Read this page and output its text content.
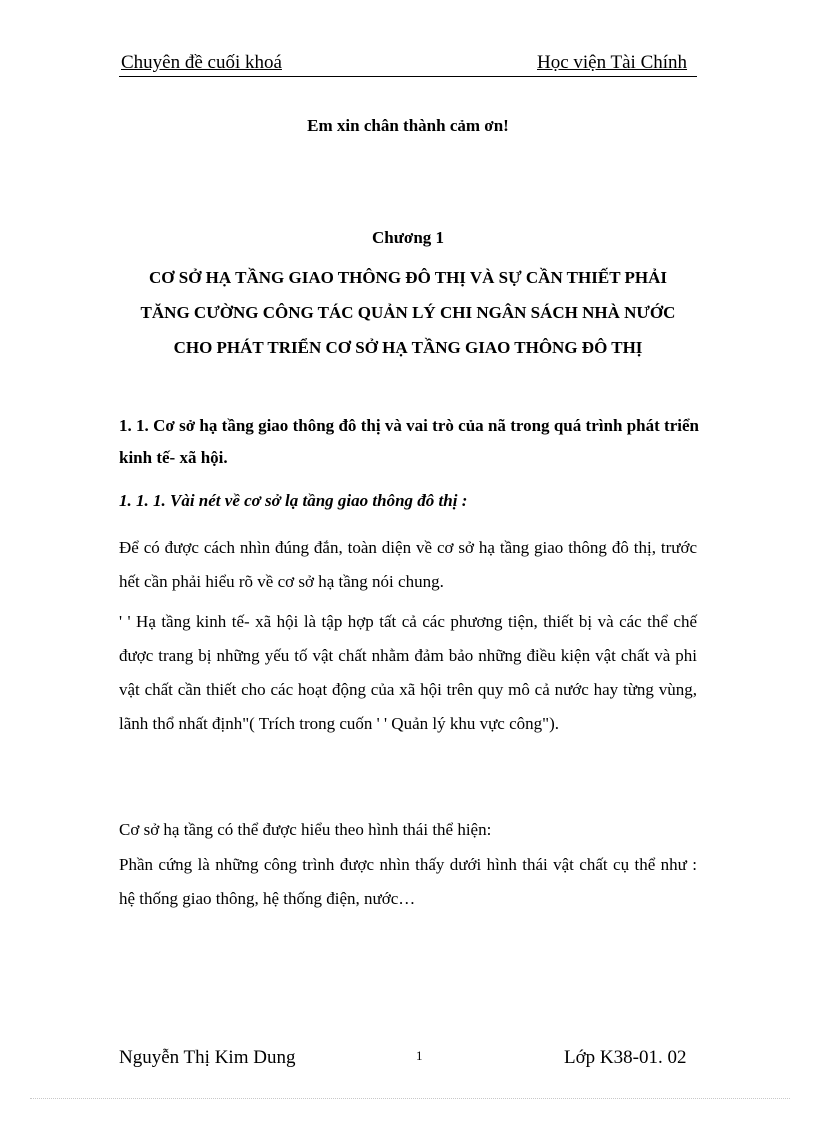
Chuyên đề cuối khoá	Học viện Tài Chính
Em xin chân thành cảm ơn!
Chương 1
CƠ SỞ HẠ TẦNG GIAO THÔNG ĐÔ THỊ VÀ SỰ CẦN THIẾT PHẢI
TĂNG CƯỜNG CÔNG TÁC QUẢN LÝ CHI NGÂN SÁCH NHÀ NƯỚC
CHO PHÁT TRIỂN CƠ SỞ HẠ TẦNG GIAO THÔNG ĐÔ THỊ
1. 1. Cơ sở hạ tầng giao thông đô thị và vai trò của nã trong quá trình phát triển kinh tế- xã hội.
1. 1. 1. Vài nét về cơ sở lạ tầng giao thông đô thị :
Để có được cách nhìn đúng đắn, toàn diện về cơ sở hạ tầng giao thông đô thị, trước hết cần phải hiểu rõ về cơ sở hạ tầng nói chung.
' ' Hạ tầng kinh tế- xã hội là tập hợp tất cả các phương tiện, thiết bị và các thể chế được trang bị những yếu tố vật chất nhằm đảm bảo những điều kiện vật chất và phi vật chất cần thiết cho các hoạt động của xã hội trên quy mô cả nước hay từng vùng, lãnh thổ nhất định"( Trích trong cuốn ' ' Quản lý khu vực công").
Cơ sở hạ tầng có thể được hiểu theo hình thái thể hiện:
Phần cứng là những công trình được nhìn thấy dưới hình thái vật chất cụ thể như : hệ thống giao thông, hệ thống điện, nước…
Nguyễn Thị Kim Dung	1	Lớp K38-01. 02
